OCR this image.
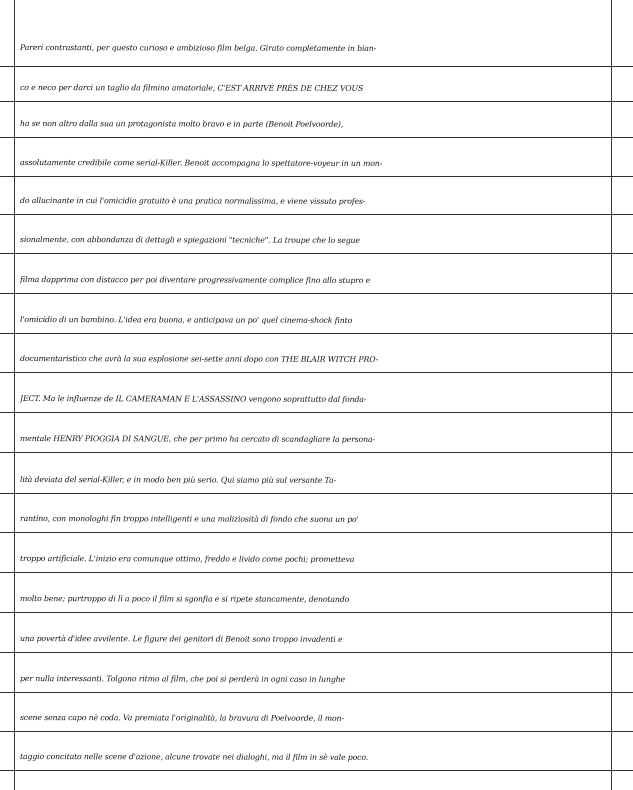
Pareri contrastanti, per questo curioso e ambizioso film belga. Girato completamente in bian-
co e neco per darci un taglio da filmino amatoriale, C'EST ARRIVÉ PRÈS DE CHEZ VOUS
ha se non altro dalla sua un protagonista molto bravo e in parte (Benoit Poelvoorde),
assolutamente credibile come serial-Killer. Benoit accompagna lo spettatore-voyeur in un mon-
do allucinante in cui l'omicidio gratuito è una pratica normalissima, e viene vissuto profes-
sionalmente, con abbondanza di dettagli e spiegazioni "tecniche". La troupe che lo segue
filma dapprima con distacco per poi diventare progressivamente complice fino allo stupro e
l'omicidio di un bambino. L'idea era buona, e anticipava un po' quel cinema-shock finto
documentaristico che avrà la sua esplosione sei-sette anni dopo con THE BLAIR WITCH PRO-
JECT. Ma le influenze de IL CAMERAMAN E L'ASSASSINO vengono soprattutto dal fonda-
mentale HENRY PIOGGIA DI SANGUE, che per primo ha cercato di scandagliare la persona-
lità deviata del serial-Killer, e in modo ben più serio. Qui siamo più sul versante Ta-
rantino, con monologhi fin troppo intelligenti e una maliziosità di fondo che suona un po'
troppo artificiale. L'inizio era comunque ottimo, freddo e livido come pochi; prometteva
molto bene; purtroppo di lì a poco il film si sgonfia e si ripete stancamente, denotando
una povertà d'idee avvilente. Le figure dei genitori di Benoit sono troppo invadenti e
per nulla interessanti. Tolgono ritmo al film, che poi si perderà in ogni caso in lunghe
scene senza capo nè coda. Va premiata l'originalità, la bravura di Poelvoorde, il mon-
taggio concitato nelle scene d'azione, alcune trovate nei dialoghi, ma il film in sè vale poco.
